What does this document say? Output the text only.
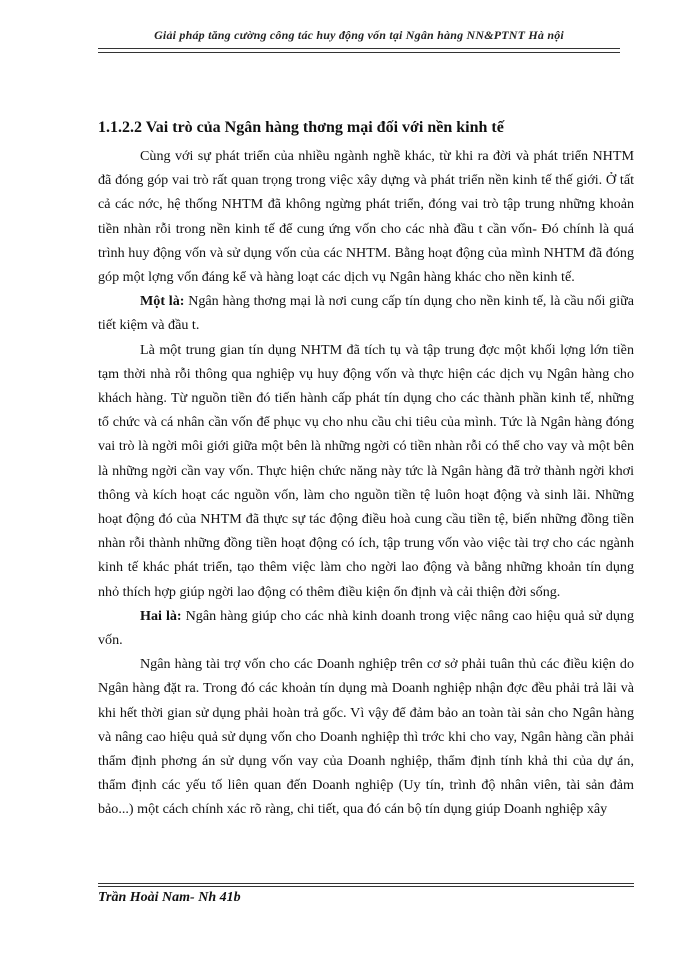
Giải pháp tăng cường công tác huy động vốn tại Ngân hàng NN&PTNT Hà nội
1.1.2.2 Vai trò của Ngân hàng thơng mại đối với nền kinh tế

Cùng với sự phát triển của nhiều ngành nghề khác, từ khi ra đời và phát triển NHTM đã đóng góp vai trò rất quan trọng trong việc xây dựng và phát triển nền kinh tế thế giới. Ở tất cả các nớc, hệ thống NHTM đã không ngừng phát triển, đóng vai trò tập trung những khoản tiền nhàn rỗi trong nền kinh tế để cung ứng vốn cho các nhà đầu t cần vốn- Đó chính là quá trình huy động vốn và sử dụng vốn của các NHTM. Bằng hoạt động của mình NHTM đã đóng góp một lợng vốn đáng kể và hàng loạt các dịch vụ Ngân hàng khác cho nền kinh tế.

Một là: Ngân hàng thơng mại là nơi cung cấp tín dụng cho nền kinh tế, là cầu nối giữa tiết kiệm và đầu t.

Là một trung gian tín dụng NHTM đã tích tụ và tập trung đợc một khối lợng lớn tiền tạm thời nhà rỗi thông qua nghiệp vụ huy động vốn và thực hiện các dịch vụ Ngân hàng cho khách hàng. Từ nguồn tiền đó tiến hành cấp phát tín dụng cho các thành phần kinh tế, những tổ chức và cá nhân cần vốn để phục vụ cho nhu cầu chi tiêu của mình. Tức là Ngân hàng đóng vai trò là ngời môi giới giữa một bên là những ngời có tiền nhàn rỗi có thể cho vay và một bên là những ngời cần vay vốn. Thực hiện chức năng này tức là Ngân hàng đã trở thành ngời khơi thông và kích hoạt các nguồn vốn, làm cho nguồn tiền tệ luôn hoạt động và sinh lãi. Những hoạt động đó của NHTM đã thực sự tác động điều hoà cung cầu tiền tệ, biến những đồng tiền nhàn rỗi thành những đồng tiền hoạt động có ích, tập trung vốn vào việc tài trợ cho các ngành kinh tế khác phát triển, tạo thêm việc làm cho ngời lao động và bằng những khoản tín dụng nhỏ thích hợp giúp ngời lao động có thêm điều kiện ổn định và cải thiện đời sống.

Hai là: Ngân hàng giúp cho các nhà kinh doanh trong việc nâng cao hiệu quả sử dụng vốn.

Ngân hàng tài trợ vốn cho các Doanh nghiệp trên cơ sở phải tuân thủ các điều kiện do Ngân hàng đặt ra. Trong đó các khoản tín dụng mà Doanh nghiệp nhận đợc đều phải trả lãi và khi hết thời gian sử dụng phải hoàn trả gốc. Vì vậy để đảm bảo an toàn tài sản cho Ngân hàng và nâng cao hiệu quả sử dụng vốn cho Doanh nghiệp thì trớc khi cho vay, Ngân hàng cần phải thẩm định phơng án sử dụng vốn vay của Doanh nghiệp, thẩm định tính khả thi của dự án, thẩm định các yếu tố liên quan đến Doanh nghiệp (Uy tín, trình độ nhân viên, tài sản đảm bảo...) một cách chính xác rõ ràng, chi tiết, qua đó cán bộ tín dụng giúp Doanh nghiệp xây

Trần Hoài Nam- Nh 41b
